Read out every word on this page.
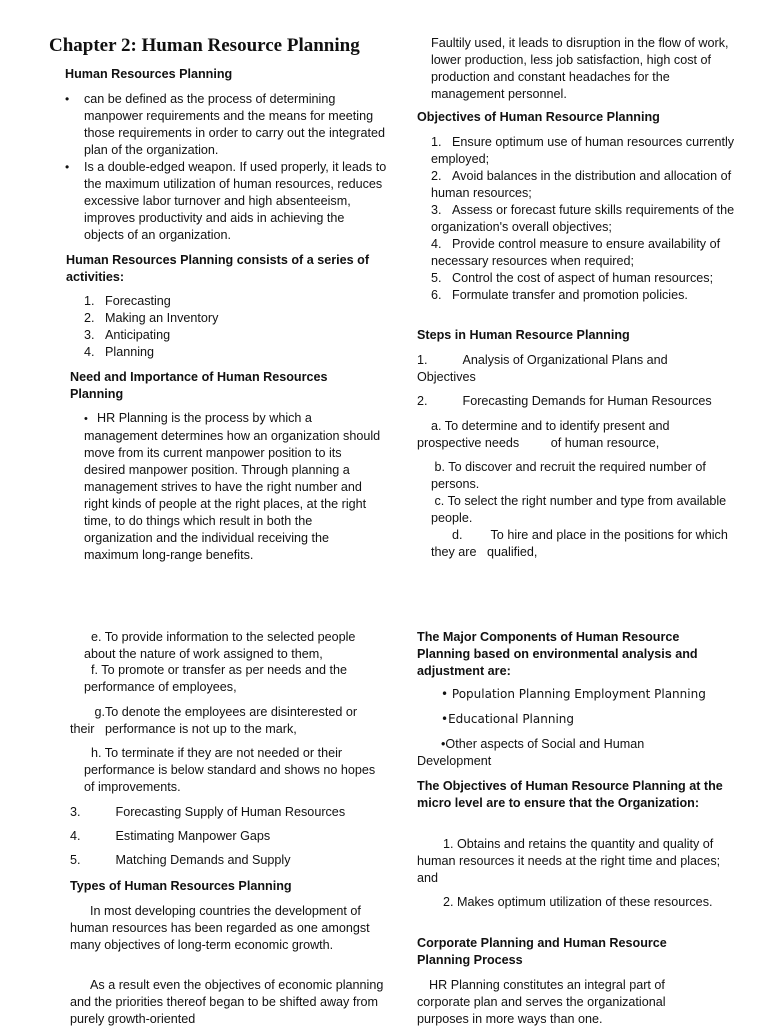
Chapter 2: Human Resource Planning

Human Resources Planning

• can be defined as the process of determining manpower requirements and the means for meeting those requirements in order to carry out the integrated plan of the organization.

• Is a double-edged weapon. If used properly, it leads to the maximum utilization of human resources, reduces excessive labor turnover and high absenteeism, improves productivity and aids in achieving the objects of an organization.

Human Resources Planning consists of a series of activities:

1. Forecasting

2. Making an Inventory

3. Anticipating

4. Planning

Need and Importance of Human Resources Planning

•   HR Planning is the process by which a management determines how an organization should move from its current manpower position to its desired manpower position. Through planning a management strives to have the right number and right kinds of people at the right places, at the right time, to do things which result in both the organization and the individual receiving the maximum long-range benefits.

Faultily used, it leads to disruption in the flow of work, lower production, less job satisfaction, high cost of production and constant headaches for the management personnel.

Objectives of Human Resource Planning

1.   Ensure optimum use of human resources currently employed;

2.   Avoid balances in the distribution and allocation of human resources;

3.   Assess or forecast future skills requirements of the organization's overall objectives;

4.   Provide control measure to ensure availability of necessary resources when required;

5.   Control the cost of aspect of human resources;

6.   Formulate transfer and promotion policies.

Steps in Human Resource Planning

1.	Analysis of Organizational Plans and Objectives

2.	Forecasting Demands for Human Resources

a. To determine and to identify present and prospective needs	of human resource,

b. To discover and recruit the required number of persons.

c. To select the right number and type from available people.

d. To hire and place in the positions for which they are qualified,

e. To provide information to the selected people about the nature of work assigned to them,

f. To promote or transfer as per needs and the performance of employees,

g.To denote the employees are disinterested or
their performance is not up to the mark,

h. To terminate if they are not needed or their performance is below standard and shows no hopes of improvements.

3.	Forecasting Supply of Human Resources

4.	Estimating Manpower Gaps

5.	Matching Demands and Supply

Types of Human Resources Planning

In most developing countries the development of human resources has been regarded as one amongst many objectives of long-term economic growth.

As a result even the objectives of economic planning and the priorities thereof began to be shifted away from purely growth-oriented

The Major Components of Human Resource Planning based on environmental analysis and adjustment are:

• Population Planning Employment Planning

•Educational Planning

•Other aspects of Social and Human Development

The Objectives of Human Resource Planning at the micro level are to ensure that the Organization:

1. Obtains and retains the quantity and quality of human resources it needs at the right time and places; and

2. Makes optimum utilization of these resources.

Corporate Planning and Human Resource Planning Process

HR Planning constitutes an integral part of corporate plan and serves the organizational purposes in more ways than one.
